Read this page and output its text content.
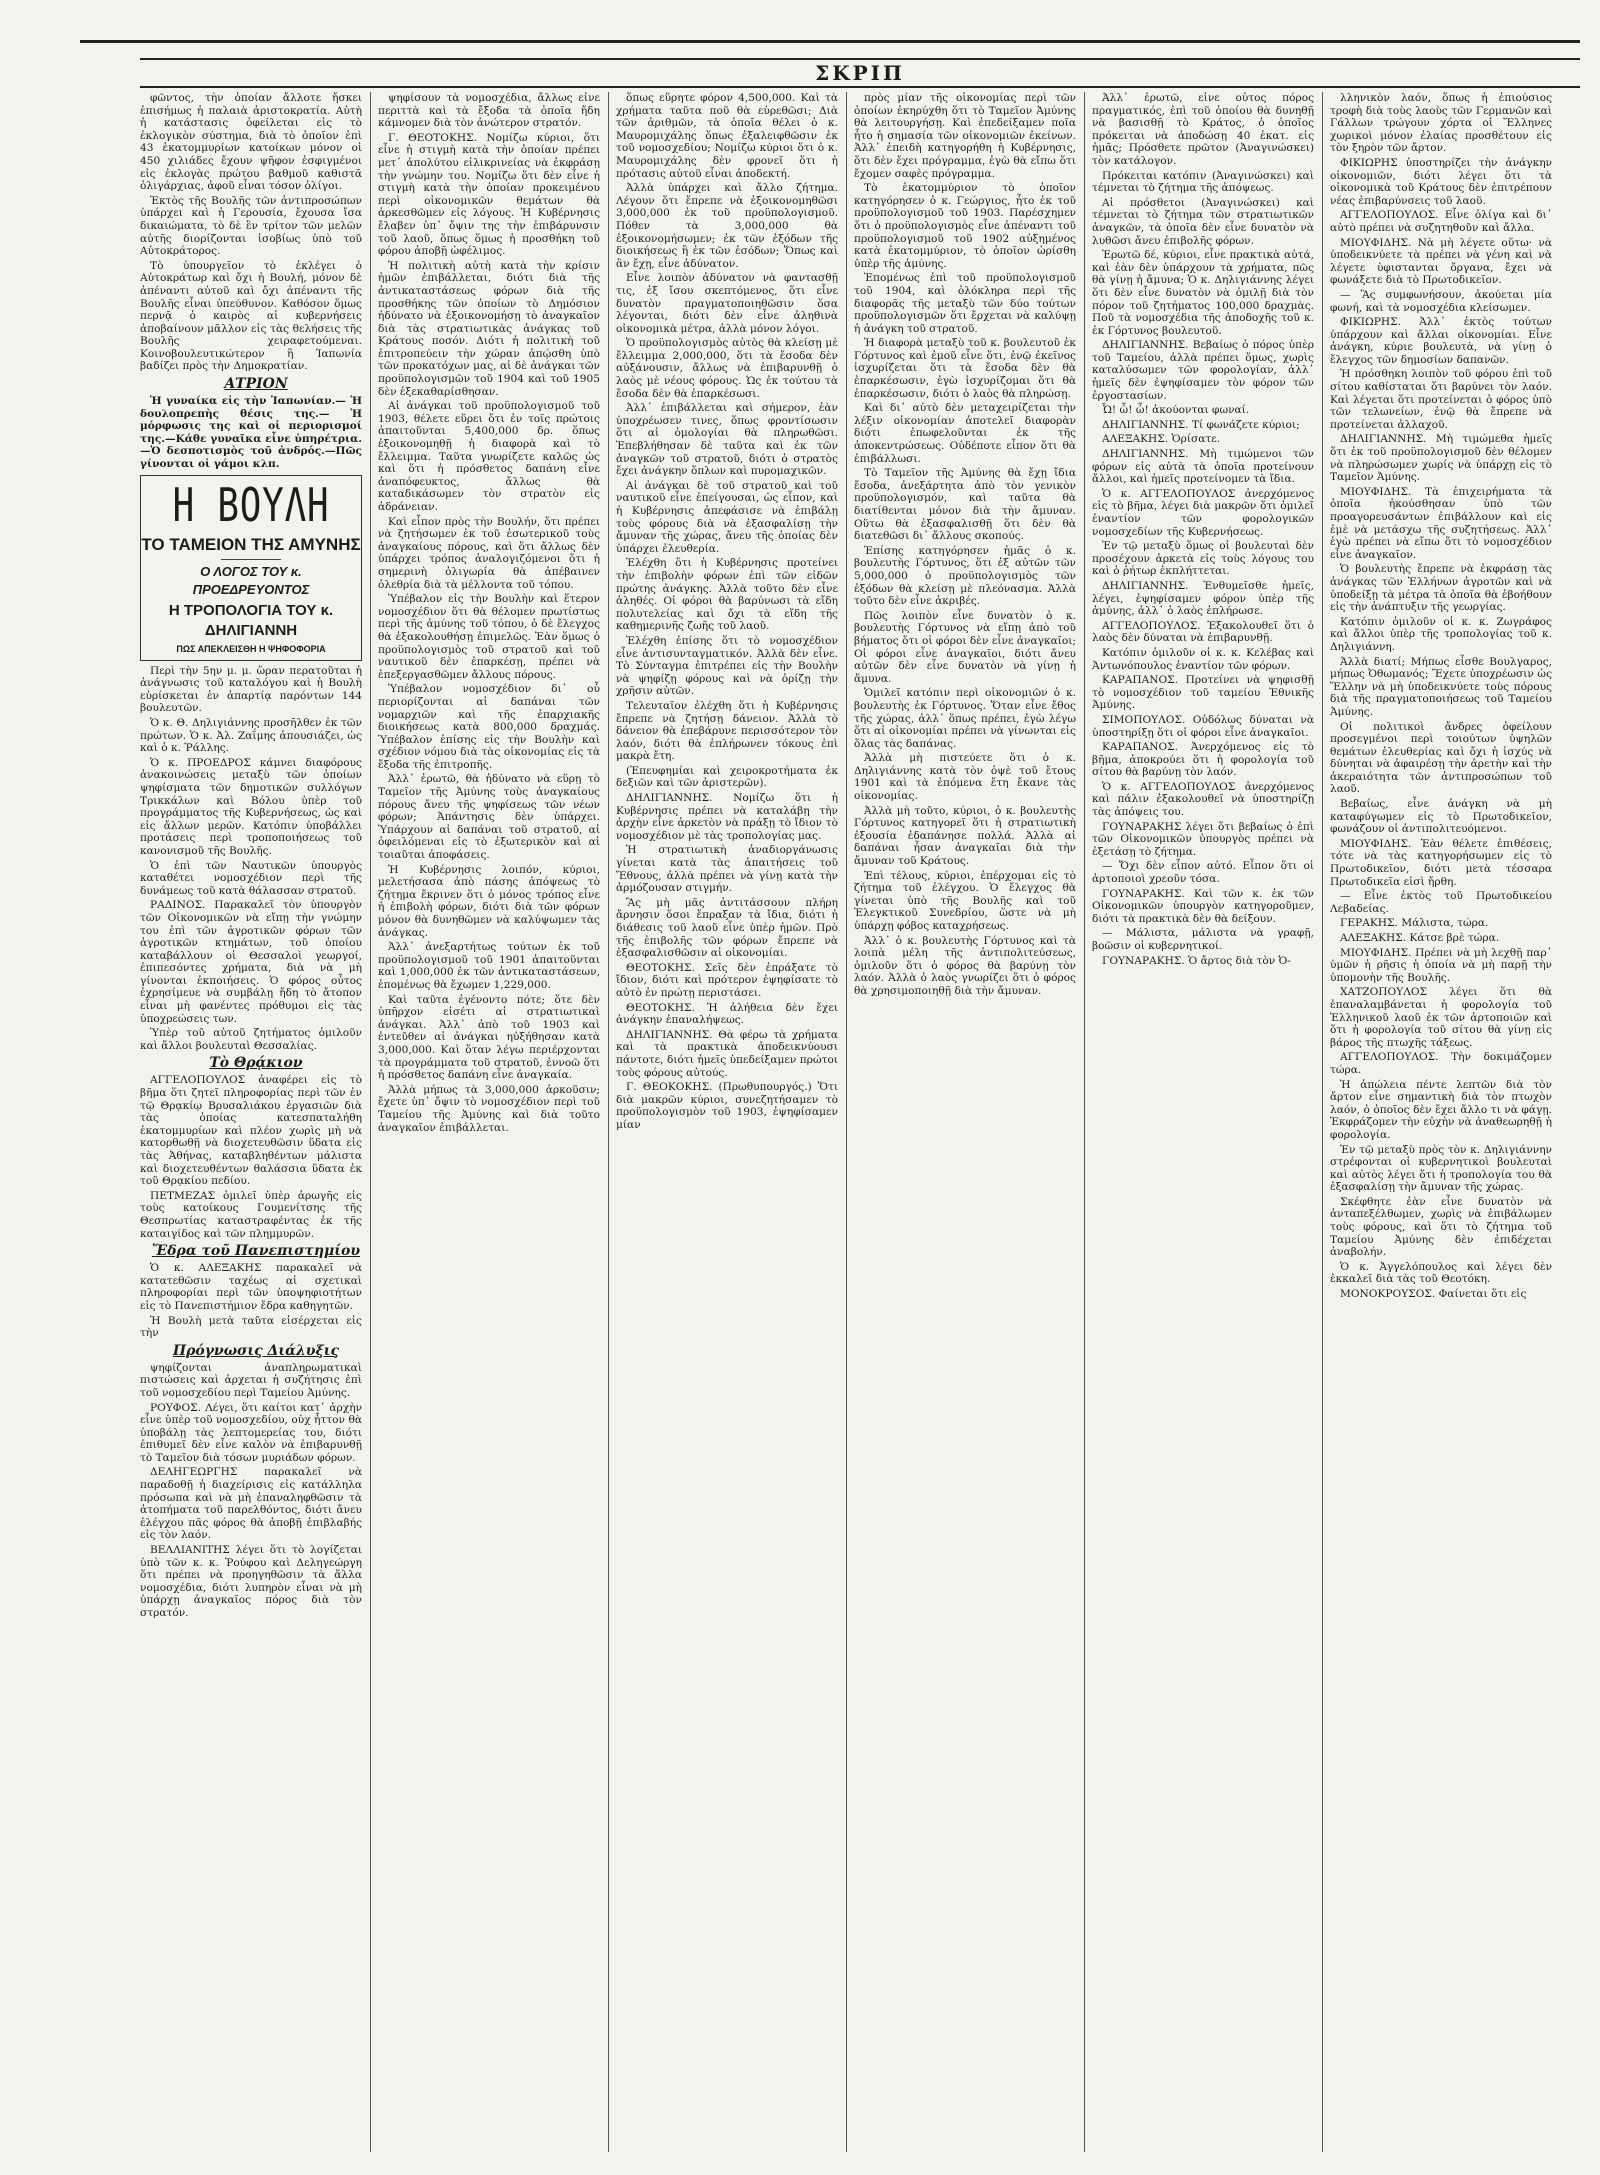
ΣΚΡΙΠ

φῶντος, τὴν ὁποίαν ἄλλοτε ἤσκει ἐπισήμως ἡ παλαιὰ ἀριστοκρατία. Αὐτὴ ἡ κατάστασις ὀφείλεται εἰς τὸ ἐκλογικὸν σύστημα, διὰ τὸ ὁποῖον ἐπὶ 43 ἑκατομμυρίων κατοίκων μόνον οἱ 450 χιλιάδες ἔχουν ψῆφον ἐσφιγμένοι εἰς ἐκλογὰς πρώτου βαθμοῦ καθιστᾶ ὁλιγάρχιας, ἀφοῦ εἶναι τόσον ὀλίγοι.

Ἐκτὸς τῆς Βουλῆς τῶν ἀντιπροσώπων ὑπάρχει καὶ ἡ Γερουσία, ἔχουσα ἴσα δικαιώματα, τὸ δὲ ἓν τρίτον τῶν μελῶν αὐτῆς διορίζονται ἰσοβίως ὑπὸ τοῦ Αὐτοκράτορος.

Τὸ ὑπουργεῖον τὸ ἐκλέγει ὁ Αὐτοκράτωρ καὶ ὄχι ἡ Βουλή, μόνον δὲ ἀπέναντι αὐτοῦ καὶ ὄχι ἀπέναντι τῆς Βουλῆς εἶναι ὑπεύθυνον. Καθόσον ὅμως περνᾷ ὁ καιρὸς αἱ κυβερνήσεις ἀποβαίνουν μᾶλλον εἰς τὰς θελήσεις τῆς Βουλῆς χειραφετούμεναι. Κοινοβουλευτικώτερον ἢ Ἰαπωνία βαδίζει πρὸς τὴν Δημοκρατίαν.

ΑΤΡΙΟΝ

Ἡ γυναίκα εἰς τὴν Ἰαπωνίαν.— Ἡ δουλοπρεπὴς θέσις της.— Ἡ μόρφωσις της καὶ οἱ περιορισμοί της.—Κάθε γυναῖκα εἶνε ὑπηρέτρια.—Ὁ δεσποτισμὸς τοῦ ἀνδρός.—Πῶς γίνονται οἱ γάμοι κλπ.

Η ΒΟΥΛΗ

ΤΟ ΤΑΜΕΙΟΝ ΤΗΣ ΑΜΥΝΗΣ

Ο ΛΟΓΟΣ ΤΟΥ κ. ΠΡΟΕΔΡΕΥΟΝΤΟΣ

Η ΤΡΟΠΟΛΟΓΙΑ ΤΟΥ κ. ΔΗΛΙΓΙΑΝΝΗ

ΠΩΣ ΑΠΕΚΛΕΙΣΘΗ Η ΨΗΦΟΦΟΡΙΑ

Περὶ τὴν 5ην μ. μ. ὥραν περατοῦται ἡ ἀνάγνωσις τοῦ καταλόγου καὶ ἡ Βουλὴ εὑρίσκεται ἐν ἀπαρτίᾳ παρόντων 144 βουλευτῶν.

Ὁ κ. Θ. Δηλιγιάννης προσῆλθεν ἐκ τῶν πρώτων. Ὁ κ. Ἀλ. Ζαΐμης ἀπουσιάζει, ὡς καὶ ὁ κ. Ῥάλλης.

Ὁ κ. ΠΡΟΕΔΡΟΣ κάμνει διαφόρους ἀνακοινώσεις μεταξὺ τῶν ὁποίων ψηφίσματα τῶν δημοτικῶν συλλόγων Τρικκάλων καὶ Βόλου ὑπὲρ τοῦ προγράμματος τῆς Κυβερνήσεως, ὡς καὶ εἰς ἄλλων μερῶν. Κατόπιν ὑποβάλλει προτάσεις περὶ τροποποιήσεως τοῦ κανονισμοῦ τῆς Βουλῆς.

Ὁ ἐπὶ τῶν Ναυτικῶν ὑπουργὸς καταθέτει νομοσχέδιον περὶ τῆς δυνάμεως τοῦ κατὰ θάλασσαν στρατοῦ.

ΡΑΔΙΝΟΣ. Παρακαλεῖ τὸν ὑπουργὸν τῶν Οἰκονομικῶν νὰ εἴπῃ τὴν γνώμην του ἐπὶ τῶν ἀγροτικῶν φόρων τῶν ἀγροτικῶν κτημάτων, τοῦ ὁποίου καταβάλλουν οἱ Θεσσαλοὶ γεωργοί, ἐπιπεσόντες χρήματα, διὰ νὰ μὴ γίνονται ἐκποιήσεις. Ὁ φόρος οὗτος ἐχρησίμευε νὰ συμβάλῃ ἤδη τὸ ἄτοπον εἶναι μὴ φανέντες πρόθυμοι εἰς τὰς ὑποχρεώσεις των.

Ὑπὲρ τοῦ αὐτοῦ ζητήματος ὁμιλοῦν καὶ ἄλλοι βουλευταὶ Θεσσαλίας.

Τὸ Θρᾴκιον

ΑΓΓΕΛΟΠΟΥΛΟΣ ἀναφέρει εἰς τὸ βῆμα ὅτι ζητεῖ πληροφορίας περὶ τῶν ἐν τῷ Θρᾳκίῳ Βρυσαλιάκου ἐργασιῶν διὰ τὰς ὁποίας κατεσπαταλήθη ἑκατομμυρίων καὶ πλέον χωρὶς μὴ νὰ κατορθωθῇ νὰ διοχετευθῶσιν ὕδατα εἰς τὰς Ἀθήνας, καταβληθέντων μάλιστα καὶ διοχετευθέντων θαλάσσια ὕδατα ἐκ τοῦ Θρᾳκίου πεδίου.

ΠΕΤΜΕΖΑΣ ὁμιλεῖ ὑπὲρ ἀρωγῆς εἰς τοὺς κατοίκους Γουμενίτσης τῆς Θεσπρωτίας καταστραφέντας ἐκ τῆς καταιγίδος καὶ τῶν πλημμυρῶν.

Ἔδρα τοῦ Πανεπιστημίου

Ὁ κ. ΑΛΕΞΑΚΗΣ παρακαλεῖ νὰ κατατεθῶσιν ταχέως αἱ σχετικαὶ πληροφορίαι περὶ τῶν ὑποψηφιοτήτων εἰς τὸ Πανεπιστήμιον ἔδρα καθηγητῶν.

Ἡ Βουλὴ μετὰ ταῦτα εἰσέρχεται εἰς τὴν

Πρόγνωσις Διάλυξις

ψηφίζονται ἀναπληρωματικαὶ πιστώσεις καὶ ἀρχεται ἡ συζήτησις ἐπὶ τοῦ νομοσχεδίου περὶ Ταμείου Ἀμύνης.

ΡΟΥΦΟΣ. Λέγει, ὅτι καίτοι κατ᾽ ἀρχὴν εἶνε ὑπὲρ τοῦ νομοσχεδίου, οὐχ ἧττον θὰ ὑποβάλῃ τὰς λεπτομερείας του, διότι ἐπιθυμεῖ δὲν εἶνε καλὸν νὰ ἐπιβαρυνθῇ τὸ Ταμεῖον διὰ τόσων μυριάδων φόρων.

ΔΕΛΗΓΕΩΡΓΗΣ παρακαλεῖ νὰ παραδοθῇ ἡ διαχείρισις εἰς κατάλληλα πρόσωπα καὶ νὰ μὴ ἐπαναληφθῶσιν τὰ ἀτοπήματα τοῦ παρελθόντος, διότι ἄνευ ἐλέγχου πᾶς φόρος θὰ ἀποβῇ ἐπιβλαβής εἰς τὸν λαόν.

ΒΕΛΛΙΑΝΙΤΗΣ λέγει ὅτι τὸ λογίζεται ὑπὸ τῶν κ. κ. Ῥούφου καὶ Δεληγεώργη ὅτι πρέπει νὰ προηγηθῶσιν τὰ ἄλλα νομοσχέδια, διότι λυπηρὸν εἶναι νὰ μὴ ὑπάρχῃ ἀναγκαῖος πόρος διὰ τὸν στρατόν.

ψηφίσουν τὰ νομοσχέδια, ἄλλως εἶνε περιττὰ καὶ τὰ ἔξοδα τὰ ὁποῖα ἤδη κάμνομεν διὰ τὸν ἀνώτερον στρατόν.

Γ. ΘΕΟΤΟΚΗΣ. Νομίζω κύριοι, ὅτι εἶνε ἡ στιγμὴ κατὰ τὴν ὁποίαν πρέπει μετ᾽ ἀπολύτου εἰλικρινείας νὰ ἐκφράσῃ τὴν γνώμην του. Νομίζω ὅτι δὲν εἶνε ἡ στιγμὴ κατὰ τὴν ὁποίαν προκειμένου περὶ οἰκονομικῶν θεμάτων θὰ ἀρκεσθῶμεν εἰς λόγους. Ἡ Κυβέρνησις ἔλαβεν ὑπ᾽ ὄψιν της τὴν ἐπιβάρυνσιν τοῦ λαοῦ, ὅπως ὅμως ἡ προσθήκη τοῦ φόρου ἀποβῇ ὠφέλιμος.

Ἡ πολιτικὴ αὐτὴ κατὰ τὴν κρίσιν ἡμῶν ἐπιβάλλεται, διότι διὰ τῆς ἀντικαταστάσεως φόρων διὰ τῆς προσθήκης τῶν ὁποίων τὸ Δημόσιον ἠδύνατο νὰ ἐξοικονομήσῃ τὸ ἀναγκαῖον διὰ τὰς στρατιωτικὰς ἀνάγκας τοῦ Κράτους ποσόν. Διότι ἡ πολιτικὴ τοῦ ἐπιτροπεύειν τὴν χώραν ἀπῴσθη ὑπὸ τῶν προκατόχων μας, αἱ δὲ ἀνάγκαι τῶν προϋπολογισμῶν τοῦ 1904 καὶ τοῦ 1905 δὲν ἐξεκαθαρίσθησαν.

Αἱ ἀνάγκαι τοῦ προϋπολογισμοῦ τοῦ 1903, θέλετε εὕρει ὅτι ἐν τοῖς πρώτοις ἀπαιτοῦνται 5,400,000 δρ. ὅπως ἐξοικονομηθῇ ἡ διαφορὰ καὶ τὸ ἔλλειμμα. Ταῦτα γνωρίζετε καλῶς ὡς καὶ ὅτι ἡ πρόσθετος δαπάνη εἶνε ἀναπόφευκτος, ἄλλως θὰ καταδικάσωμεν τὸν στρατὸν εἰς ἀδράνειαν.

Καὶ εἶπον πρὸς τὴν Βουλήν, ὅτι πρέπει νὰ ζητήσωμεν ἐκ τοῦ ἐσωτερικοῦ τοὺς ἀναγκαίους πόρους, καὶ ὅτι ἄλλως δὲν ὑπάρχει τρόπος ἀναλογιζόμενοι ὅτι ἡ σημερινὴ ὀλιγωρία θὰ ἀπέβαινεν ὀλεθρία διὰ τὰ μέλλοντα τοῦ τόπου.

Ὑπέβαλον εἰς τὴν Βουλὴν καὶ ἕτερον νομοσχέδιον ὅτι θὰ θέλομεν πρωτίστως περὶ τῆς ἀμύνης τοῦ τόπου, ὁ δὲ ἔλεγχος θὰ ἐξακολουθήσῃ ἐπιμελῶς. Ἐὰν ὅμως ὁ προϋπολογισμὸς τοῦ στρατοῦ καὶ τοῦ ναυτικοῦ δὲν ἐπαρκέσῃ, πρέπει νὰ ἐπεξεργασθῶμεν ἄλλους πόρους.

Ὑπέβαλον νομοσχέδιον δι᾽ οὗ περιορίζονται αἱ δαπάναι τῶν νομαρχιῶν καὶ τῆς ἐπαρχιακῆς διοικήσεως κατὰ 800,000 δραχμάς. Ὑπέβαλον ἐπίσης εἰς τὴν Βουλὴν καὶ σχέδιον νόμου διὰ τὰς οἰκονομίας εἰς τὰ ἔξοδα τῆς ἐπιτροπῆς.

Ἀλλ᾽ ἐρωτῶ, θὰ ἠδύνατο νὰ εὕρῃ τὸ Ταμεῖον τῆς Ἀμύνης τοὺς ἀναγκαίους πόρους ἄνευ τῆς ψηφίσεως τῶν νέων φόρων; Ἀπάντησις δὲν ὑπάρχει. Ὑπάρχουν αἱ δαπάναι τοῦ στρατοῦ, αἱ ὀφειλόμεναι εἰς τὸ ἐξωτερικὸν καὶ αἱ τοιαῦται ἀποφάσεις.

Ἡ Κυβέρνησις λοιπόν, κύριοι, μελετήσασα ἀπὸ πάσης ἀπόψεως τὸ ζήτημα ἔκρινεν ὅτι ὁ μόνος τρόπος εἶνε ἡ ἐπιβολὴ φόρων, διότι διὰ τῶν φόρων μόνον θὰ δυνηθῶμεν νὰ καλύψωμεν τὰς ἀνάγκας.

Ἀλλ᾽ ἀνεξαρτήτως τούτων ἐκ τοῦ προϋπολογισμοῦ τοῦ 1901 ἀπαιτοῦνται καὶ 1,000,000 ἐκ τῶν ἀντικαταστάσεων, ἑπομένως θὰ ἔχωμεν 1,229,000.

Καὶ ταῦτα ἐγένοντο πότε; ὅτε δὲν ὑπῆρχον εἰσέτι αἱ στρατιωτικαὶ ἀνάγκαι. Ἀλλ᾽ ἀπὸ τοῦ 1903 καὶ ἐντεῦθεν αἱ ἀνάγκαι ηὐξήθησαν κατὰ 3,000,000. Καὶ ὅταν λέγω περιέρχονται τὰ προγράμματα τοῦ στρατοῦ, ἐννοῶ ὅτι ἡ πρόσθετος δαπάνη εἶνε ἀναγκαία.

Ἀλλὰ μήπως τὰ 3,000,000 ἀρκοῦσιν; ἔχετε ὑπ᾽ ὄψιν τὸ νομοσχέδιον περὶ τοῦ Ταμείου τῆς Ἀμύνης καὶ διὰ τοῦτο ἀναγκαῖον ἐπιβάλλεται.

ὅπως εὕρητε φόρον 4,500,000. Καὶ τὰ χρήματα ταῦτα ποῦ θὰ εὑρεθῶσι; Διὰ τῶν ἀριθμῶν, τὰ ὁποῖα θέλει ὁ κ. Μαυρομιχάλης ὅπως ἐξαλειφθῶσιν ἐκ τοῦ νομοσχεδίου; Νομίζω κύριοι ὅτι ὁ κ. Μαυρομιχάλης δὲν φρονεῖ ὅτι ἡ πρότασις αὐτοῦ εἶναι ἀποδεκτή.

Ἀλλὰ ὑπάρχει καὶ ἄλλο ζήτημα. Λέγουν ὅτι ἔπρεπε νὰ ἐξοικονομηθῶσι 3,000,000 ἐκ τοῦ προϋπολογισμοῦ. Πόθεν τὰ 3,000,000 θὰ ἐξοικονομήσωμεν; ἐκ τῶν ἐξόδων τῆς διοικήσεως ἢ ἐκ τῶν ἐσόδων; Ὅπως καὶ ἂν ἔχῃ, εἶνε ἀδύνατον.

Εἶνε λοιπὸν ἀδύνατον νὰ φαντασθῇ τις, ἐξ ἴσου σκεπτόμενος, ὅτι εἶνε δυνατὸν πραγματοποιηθῶσιν ὅσα λέγονται, διότι δὲν εἶνε ἀληθινὰ οἰκονομικὰ μέτρα, ἀλλὰ μόνον λόγοι.

Ὁ προϋπολογισμὸς αὐτὸς θὰ κλείσῃ μὲ ἔλλειμμα 2,000,000, ὅτι τὰ ἔσοδα δὲν αὐξάνουσιν, ἄλλως νὰ ἐπιβαρυνθῇ ὁ λαὸς μὲ νέους φόρους. Ὡς ἐκ τούτου τὰ ἔσοδα δὲν θὰ ἐπαρκέσωσι.

Ἀλλ᾽ ἐπιβάλλεται καὶ σήμερον, ἐὰν ὑποχρέωσεν τινες, ὅπως φροντίσωσιν ὅτι αἱ ὁμολογίαι θὰ πληρωθῶσι. Ἐπεβλήθησαν δὲ ταῦτα καὶ ἐκ τῶν ἀναγκῶν τοῦ στρατοῦ, διότι ὁ στρατὸς ἔχει ἀνάγκην ὅπλων καὶ πυρομαχικῶν.

Αἱ ἀνάγκαι δὲ τοῦ στρατοῦ καὶ τοῦ ναυτικοῦ εἶνε ἐπείγουσαι, ὡς εἶπον, καὶ ἡ Κυβέρνησις ἀπεφάσισε νὰ ἐπιβάλῃ τοὺς φόρους διὰ νὰ ἐξασφαλίσῃ τὴν ἄμυναν τῆς χώρας, ἄνευ τῆς ὁποίας δὲν ὑπάρχει ἐλευθερία.

Ἐλέχθη ὅτι ἡ Κυβέρνησις προτείνει τὴν ἐπιβολὴν φόρων ἐπὶ τῶν εἰδῶν πρώτης ἀνάγκης. Ἀλλὰ τοῦτο δὲν εἶνε ἀληθές. Οἱ φόροι θὰ βαρύνωσι τὰ εἴδη πολυτελείας καὶ ὄχι τὰ εἴδη τῆς καθημερινῆς ζωῆς τοῦ λαοῦ.

Ἐλέχθη ἐπίσης ὅτι τὸ νομοσχέδιον εἶνε ἀντισυνταγματικόν. Ἀλλὰ δὲν εἶνε. Τὸ Σύνταγμα ἐπιτρέπει εἰς τὴν Βουλὴν νὰ ψηφίζῃ φόρους καὶ νὰ ὁρίζῃ τὴν χρῆσιν αὐτῶν.

Τελευταῖον ἐλέχθη ὅτι ἡ Κυβέρνησις ἔπρεπε νὰ ζητήσῃ δάνειον. Ἀλλὰ τὸ δάνειον θὰ ἐπεβάρυνε περισσότερον τὸν λαόν, διότι θὰ ἐπλήρωνεν τόκους ἐπὶ μακρὰ ἔτη.

(Ἐπευφημίαι καὶ χειροκροτήματα ἐκ δεξιῶν καὶ τῶν ἀριστερῶν).

ΔΗΛΙΓΙΑΝΝΗΣ. Νομίζω ὅτι ἡ Κυβέρνησις πρέπει νὰ καταλάβῃ τὴν ἀρχὴν εἶνε ἀρκετὸν νὰ πράξῃ τὸ ἴδιον τὸ νομοσχέδιον μὲ τὰς τροπολογίας μας.

Ἡ στρατιωτικὴ ἀναδιοργάνωσις γίνεται κατὰ τὰς ἀπαιτήσεις τοῦ Ἔθνους, ἀλλὰ πρέπει νὰ γίνῃ κατὰ τὴν ἀρμόζουσαν στιγμήν.

Ἂς μὴ μᾶς ἀντιτάσσουν πλήρη ἄρνησιν ὅσοι ἔπραξαν τὰ ἴδια, διότι ἡ διάθεσις τοῦ λαοῦ εἶνε ὑπὲρ ἡμῶν. Πρὸ τῆς ἐπιβολῆς τῶν φόρων ἔπρεπε νὰ ἐξασφαλισθῶσιν αἱ οἰκονομίαι.

ΘΕΟΤΟΚΗΣ. Σεῖς δὲν ἐπράξατε τὸ ἴδιον, διότι καὶ πρότερον ἐψηφίσατε τὸ αὐτὸ ἐν πρώτῃ περιστάσει.

ΘΕΟΤΟΚΗΣ. Ἡ ἀλήθεια δὲν ἔχει ἀνάγκην ἐπαναλήψεως.

ΔΗΛΙΓΙΑΝΝΗΣ. Θὰ φέρω τὰ χρήματα καὶ τὰ πρακτικὰ ἀποδεικνύουσι πάντοτε, διότι ἠμεῖς ὑπεδείξαμεν πρώτοι τοὺς φόρους αὐτούς.

Γ. ΘΕΟΚΟΚΗΣ. (Πρωθυπουργός.) Ὅτι διὰ μακρῶν κύριοι, συνεζητήσαμεν τὸ προϋπολογισμὸν τοῦ 1903, ἐψηφίσαμεν μίαν

πρὸς μίαν τῆς οἰκονομίας περὶ τῶν ὁποίων ἐκηρύχθη ὅτι τὸ Ταμεῖον Ἀμύνης θὰ λειτουργήσῃ. Καὶ ἐπεδείξαμεν ποῖα ἦτο ἡ σημασία τῶν οἰκονομιῶν ἐκείνων. Ἀλλ᾽ ἐπειδὴ κατηγορήθη ἡ Κυβέρνησις, ὅτι δὲν ἔχει πρόγραμμα, ἐγὼ θὰ εἴπω ὅτι ἔχομεν σαφὲς πρόγραμμα.

Τὸ ἑκατομμύριον τὸ ὁποῖον κατηγόρησεν ὁ κ. Γεώργιος, ἦτο ἐκ τοῦ προϋπολογισμοῦ τοῦ 1903. Παρέσχημεν ὅτι ὁ προϋπολογισμὸς εἶνε ἀπέναντι τοῦ προϋπολογισμοῦ τοῦ 1902 αὐξημένος κατὰ ἑκατομμύριον, τὸ ὁποῖον ὡρίσθη ὑπὲρ τῆς ἀμύνης.

Ἐπομένως ἐπὶ τοῦ προϋπολογισμοῦ τοῦ 1904, καὶ ὁλόκληρα περὶ τῆς διαφορᾶς τῆς μεταξὺ τῶν δύο τούτων προϋπολογισμῶν ὅτι ἔρχεται νὰ καλύψῃ ἡ ἀνάγκη τοῦ στρατοῦ.

Ἡ διαφορὰ μεταξὺ τοῦ κ. βουλευτοῦ ἐκ Γόρτυνος καὶ ἐμοῦ εἶνε ὅτι, ἐνῷ ἐκεῖνος ἰσχυρίζεται ὅτι τὰ ἔσοδα δὲν θὰ ἐπαρκέσωσιν, ἐγὼ ἰσχυρίζομαι ὅτι θὰ ἐπαρκέσωσιν, διότι ὁ λαὸς θὰ πληρώσῃ.

Καὶ δι᾽ αὐτὸ δὲν μεταχειρίζεται τὴν λέξιν οἰκονομίαν ἀποτελεῖ διαφορὰν διότι ἐπωφελοῦνται ἐκ τῆς ἀποκεντρώσεως. Οὐδέποτε εἶπον ὅτι θὰ ἐπιβάλλωσι.

Τὸ Ταμεῖον τῆς Ἀμύνης θὰ ἔχῃ ἴδια ἔσοδα, ἀνεξάρτητα ἀπὸ τὸν γενικὸν προϋπολογισμόν, καὶ ταῦτα θὰ διατίθενται μόνον διὰ τὴν ἄμυναν. Οὕτω θὰ ἐξασφαλισθῇ ὅτι δὲν θὰ διατεθῶσι δι᾽ ἄλλους σκοπούς.

Ἐπίσης κατηγόρησεν ἡμᾶς ὁ κ. βουλευτὴς Γόρτυνος, ὅτι ἐξ αὐτῶν τῶν 5,000,000 ὁ προϋπολογισμὸς τῶν ἐξόδων θὰ κλείσῃ μὲ πλεόνασμα. Ἀλλὰ τοῦτο δὲν εἶνε ἀκριβές.

Πῶς λοιπὸν εἶνε δυνατὸν ὁ κ. βουλευτὴς Γόρτυνος νὰ εἴπῃ ἀπὸ τοῦ βήματος ὅτι οἱ φόροι δὲν εἶνε ἀναγκαῖοι; Οἱ φόροι εἶνε ἀναγκαῖοι, διότι ἄνευ αὐτῶν δὲν εἶνε δυνατὸν νὰ γίνῃ ἡ ἄμυνα.

Ὁμιλεῖ κατόπιν περὶ οἰκονομιῶν ὁ κ. βουλευτὴς ἐκ Γόρτυνος. Ὅταν εἶνε ἔθος τῆς χώρας, ἀλλ᾽ ὅπως πρέπει, ἐγὼ λέγω ὅτι αἱ οἰκονομίαι πρέπει νὰ γίνωνται εἰς ὅλας τὰς δαπάνας.

Ἀλλὰ μὴ πιστεύετε ὅτι ὁ κ. Δηλιγιάννης κατὰ τὸν ὀψὲ τοῦ ἔτους 1901 καὶ τὰ ἑπόμενα ἔτη ἔκανε τὰς οἰκονομίας.

Ἀλλὰ μὴ τοῦτο, κύριοι, ὁ κ. βουλευτὴς Γόρτυνος κατηγορεῖ ὅτι ἡ στρατιωτικὴ ἐξουσία ἐδαπάνησε πολλά. Ἀλλὰ αἱ δαπάναι ἦσαν ἀναγκαῖαι διὰ τὴν ἄμυναν τοῦ Κράτους.

Ἐπὶ τέλους, κύριοι, ἐπέρχομαι εἰς τὸ ζήτημα τοῦ ἐλέγχου. Ὁ ἔλεγχος θὰ γίνεται ὑπὸ τῆς Βουλῆς καὶ τοῦ Ἐλεγκτικοῦ Συνεδρίου, ὥστε νὰ μὴ ὑπάρχῃ φόβος καταχρήσεως.

Ἀλλ᾽ ὁ κ. βουλευτὴς Γόρτυνος καὶ τὰ λοιπὰ μέλη τῆς ἀντιπολιτεύσεως, ὁμιλοῦν ὅτι ὁ φόρος θὰ βαρύνῃ τὸν λαόν. Ἀλλὰ ὁ λαὸς γνωρίζει ὅτι ὁ φόρος θὰ χρησιμοποιηθῇ διὰ τὴν ἄμυναν.

Ἀλλ᾽ ἐρωτῶ, εἶνε οὗτος πόρος πραγματικός, ἐπὶ τοῦ ὁποίου θὰ δυνηθῇ νὰ βασισθῇ τὸ Κράτος, ὁ ὁποῖος πρόκειται νὰ ἀποδώσῃ 40 ἑκατ. εἰς ἡμᾶς; Πρόσθετε πρῶτον (Ἀναγινώσκει) τὸν κατάλογον.

Πρόκειται κατόπιν (Ἀναγινώσκει) καὶ τέμνεται τὸ ζήτημα τῆς ἀπόψεως.

Αἱ πρόσθετοι (Ἀναγινώσκει) καὶ τέμνεται τὸ ζήτημα τῶν στρατιωτικῶν ἀναγκῶν, τὰ ὁποῖα δὲν εἶνε δυνατὸν νὰ λυθῶσι ἄνευ ἐπιβολῆς φόρων.

Ἐρωτῶ δέ, κύριοι, εἶνε πρακτικὰ αὐτά, καὶ ἐὰν δὲν ὑπάρχουν τὰ χρήματα, πῶς θὰ γίνῃ ἡ ἄμυνα; Ὁ κ. Δηλιγιάννης λέγει ὅτι δὲν εἶνε δυνατὸν νὰ ὁμιλῇ διὰ τὸν πόρον τοῦ ζητήματος 100,000 δραχμὰς. Ποῦ τὰ νομοσχέδια τῆς ἀποδοχῆς τοῦ κ. ἐκ Γόρτυνος βουλευτοῦ.

ΔΗΛΙΓΙΑΝΝΗΣ. Βεβαίως ὁ πόρος ὑπὲρ τοῦ Ταμείου, ἀλλὰ πρέπει ὅμως, χωρὶς καταλύσωμεν τῶν φορολογίαν, ἀλλ᾽ ἡμεῖς δὲν ἐψηφίσαμεν τὸν φόρον τῶν ἐργοστασίων.

Ὦ! ὦ! ὦ! ἀκούονται φωναί.

ΔΗΛΙΓΙΑΝΝΗΣ. Τί φωνάζετε κύριοι;

ΑΛΕΞΑΚΗΣ. Ὁρίσατε.

ΔΗΛΙΓΙΑΝΝΗΣ. Μὴ τιμώμενοι τῶν φόρων εἰς αὐτὰ τὰ ὁποῖα προτείνουν ἄλλοι, καὶ ἡμεῖς προτείνομεν τὰ ἴδια.

Ὁ κ. ΑΓΓΕΛΟΠΟΥΛΟΣ ἀνερχόμενος εἰς τὸ βῆμα, λέγει διὰ μακρῶν ὅτι ὁμιλεῖ ἐναντίον τῶν φορολογικῶν νομοσχεδίων τῆς Κυβερνήσεως.

Ἐν τῷ μεταξὺ ὅμως οἱ βουλευταὶ δὲν προσέχουν ἀρκετὰ εἰς τοὺς λόγους του καὶ ὁ ῥήτωρ ἐκπλήττεται.

ΔΗΛΙΓΙΑΝΝΗΣ. Ἐνθυμεῖσθε ἡμεῖς, λέγει, ἐψηφίσαμεν φόρον ὑπὲρ τῆς ἀμύνης, ἀλλ᾽ ὁ λαὸς ἐπλήρωσε.

ΑΓΓΕΛΟΠΟΥΛΟΣ. Ἐξακολουθεῖ ὅτι ὁ λαὸς δὲν δύναται νὰ ἐπιβαρυνθῇ.

Κατόπιν ὁμιλοῦν οἱ κ. κ. Κελέβας καὶ Ἀντωνόπουλος ἐναντίον τῶν φόρων.

ΚΑΡΑΠΑΝΟΣ. Προτείνει νὰ ψηφισθῇ τὸ νομοσχέδιον τοῦ ταμείου Ἐθνικῆς Ἀμύνης.

ΣΙΜΟΠΟΥΛΟΣ. Οὐδόλως δύναται νὰ ὑποστηρίξῃ ὅτι οἱ φόροι εἶνε ἀναγκαῖοι.

ΚΑΡΑΠΑΝΟΣ. Ἀνερχόμενος εἰς τὸ βῆμα, ἀποκρούει ὅτι ἡ φορολογία τοῦ σίτου θὰ βαρύνῃ τὸν λαόν.

Ὁ κ. ΑΓΓΕΛΟΠΟΥΛΟΣ ἀνερχόμενος καὶ πάλιν ἐξακολουθεῖ νὰ ὑποστηρίζῃ τὰς ἀπόψεις του.

ΓΟΥΝΑΡΑΚΗΣ λέγει ὅτι βεβαίως ὁ ἐπὶ τῶν Οἰκονομικῶν ὑπουργὸς πρέπει νὰ ἐξετάσῃ τὸ ζήτημα.

— Ὄχι δὲν εἶπον αὐτό. Εἶπον ὅτι οἱ ἀρτοποιοὶ χρεοῦν τόσα.

ΓΟΥΝΑΡΑΚΗΣ. Καὶ τῶν κ. ἐκ τῶν Οἰκονομικῶν ὑπουργὸν κατηγοροῦμεν, διότι τὰ πρακτικὰ δὲν θὰ δείξουν.

— Μάλιστα, μάλιστα νὰ γραφῇ, βοῶσιν οἱ κυβερνητικοί.

ΓΟΥΝΑΡΑΚΗΣ. Ὁ ἄρτος διὰ τὸν Ὀ-

λληνικὸν λαόν, ὅπως ἡ ἐπιούσιος τροφὴ διὰ τοὺς λαοὺς τῶν Γερμανῶν καὶ Γάλλων τρώγουν χόρτα οἱ Ἕλληνες χωρικοὶ μόνον ἐλαίας προσθέτουν εἰς τὸν ξηρὸν τῶν ἄρτον.

ΦΙΚΙΩΡΗΣ ὑποστηρίζει τὴν ἀνάγκην οἰκονομιῶν, διότι λέγει ὅτι τὰ οἰκονομικὰ τοῦ Κράτους δὲν ἐπιτρέπουν νέας ἐπιβαρύνσεις τοῦ λαοῦ.

ΑΓΓΕΛΟΠΟΥΛΟΣ. Εἶνε ὀλίγα καὶ δι᾽ αὐτὸ πρέπει νὰ συζητηθοῦν καὶ ἄλλα.

ΜΙΟΥΦΙΔΗΣ. Νὰ μὴ λέγετε οὕτω· νὰ ὑποδεικνύετε τὰ πρέπει νὰ γένη καὶ νὰ λέγετε ὑφιστανται ὄργανα, ἔχει νὰ φωνάξετε διὰ τὸ Πρωτοδικεῖον.

— Ἂς συμφωνήσουν, ἀκούεται μία φωνή, καὶ τὰ νομοσχέδια κλείσωμεν.

ΦΙΚΙΩΡΗΣ. Ἀλλ᾽ ἐκτὸς τούτων ὑπάρχουν καὶ ἄλλαι οἰκονομίαι. Εἶνε ἀνάγκη, κύριε βουλευτὰ, νὰ γίνῃ ὁ ἔλεγχος τῶν δημοσίων δαπανῶν.

Ἡ πρόσθηκη λοιπὸν τοῦ φόρου ἐπὶ τοῦ σίτου καθίσταται ὅτι βαρύνει τὸν λαόν. Καὶ λέγεται ὅτι προτείνεται ὁ φόρος ὑπὸ τῶν τελωνείων, ἐνῷ θὰ ἔπρεπε νὰ προτείνεται ἀλλαχοῦ.

ΔΗΛΙΓΙΑΝΝΗΣ. Μὴ τιμώμεθα ἡμεῖς ὅτι ἐκ τοῦ προϋπολογισμοῦ δὲν θέλομεν νὰ πληρώσωμεν χωρίς νὰ ὑπάρχῃ εἰς τὸ Ταμεῖον Ἀμύνης.

ΜΙΟΥΦΙΔΗΣ. Τὰ ἐπιχειρήματα τὰ ὁποῖα ἠκούσθησαν ὑπὸ τῶν προαγορευσάντων ἐπιβάλλουν καὶ εἰς ἐμὲ νὰ μετάσχω τῆς συζητήσεως. Ἀλλ᾽ ἐγὼ πρέπει νὰ εἴπω ὅτι τὸ νομοσχέδιον εἶνε ἀναγκαῖον.

Ὁ βουλευτὴς ἔπρεπε νὰ ἐκφράσῃ τὰς ἀνάγκας τῶν Ἑλλήνων ἀγροτῶν καὶ νὰ ὑποδείξῃ τὰ μέτρα τὰ ὁποῖα θὰ ἐβοήθουν εἰς τὴν ἀνάπτυξιν τῆς γεωργίας.

Κατόπιν ὁμιλοῦν οἱ κ. κ. Ζωγράφος καὶ ἄλλοι ὑπὲρ τῆς τροπολογίας τοῦ κ. Δηλιγιάννη.

Ἀλλὰ διατί; Μήπως εἶσθε Βουλγαρος, μήπως Ὀθωμανός; Ἔχετε ὑποχρέωσιν ὡς Ἕλλην νὰ μὴ ὑποδεικνύετε τοὺς πόρους διὰ τῆς πραγματοποιήσεως τοῦ Ταμείου Ἀμύνης.

Οἱ πολιτικοὶ ἄνδρες ὀφείλουν προσεγμένοι περὶ τοιούτων ὑψηλῶν θεμάτων ἐλευθερίας καὶ ὄχι ἡ ἰσχύς νὰ δύνηται νὰ ἀφαιρέσῃ τὴν ἀρετὴν καὶ τὴν ἀκεραιότητα τῶν ἀντιπροσώπων τοῦ λαοῦ.

Βεβαίως, εἶνε ἀνάγκη νὰ μὴ καταφύγωμεν εἰς τὸ Πρωτοδικεῖον, φωνάζουν οἱ ἀντιπολιτευόμενοι.

ΜΙΟΥΦΙΔΗΣ. Ἐὰν θέλετε ἐπιθέσεις, τότε νὰ τὰς κατηγορήσωμεν εἰς τὸ Πρωτοδικεῖον, διότι μετὰ τέσσαρα Πρωτοδικεῖα εἰσὶ ἤρθη.

— Εἶνε ἐκτὸς τοῦ Πρωτοδικείου Λεβαδείας.

ΓΕΡΑΚΗΣ. Μάλιστα, τώρα.

ΑΛΕΞΑΚΗΣ. Κάτσε βρὲ τώρα.

ΜΙΟΥΦΙΔΗΣ. Πρέπει νὰ μὴ λεχθῇ παρ᾽ ὑμῶν ἡ ρῆσις ἡ ὁποία νὰ μὴ παρῇ τὴν ὑπομονὴν τῆς Βουλῆς.

ΧΑΤΖΟΠΟΥΛΟΣ λέγει ὅτι θὰ ἐπαναλαμβάνεται ἡ φορολογία τοῦ Ἑλληνικοῦ λαοῦ ἐκ τῶν ἀρτοποιῶν καὶ ὅτι ἡ φορολογία τοῦ σίτου θὰ γίνῃ εἰς βάρος τῆς πτωχῆς τάξεως.

ΑΓΓΕΛΟΠΟΥΛΟΣ. Τὴν δοκιμάζομεν τώρα.

Ἡ ἀπώλεια πέντε λεπτῶν διὰ τὸν ἄρτον εἶνε σημαντικὴ διὰ τὸν πτωχὸν λαόν, ὁ ὁποῖος δὲν ἔχει ἄλλο τι νὰ φάγῃ. Ἐκφράζομεν τὴν εὐχὴν νὰ ἀναθεωρηθῇ ἡ φορολογία.

Ἐν τῷ μεταξὺ πρὸς τὸν κ. Δηλιγιάννην στρέφονται οἱ κυβερνητικοὶ βουλευταὶ καὶ αὐτὸς λέγει ὅτι ἡ τροπολογία του θὰ ἐξασφαλίσῃ τὴν ἄμυναν τῆς χώρας.

Σκέφθητε ἐὰν εἶνε δυνατὸν νὰ ἀνταπεξέλθωμεν, χωρὶς νὰ ἐπιβάλωμεν τοὺς φόρους, καὶ ὅτι τὸ ζήτημα τοῦ Ταμείου Ἀμύνης δὲν ἐπιδέχεται ἀναβολήν.

Ὁ κ. Ἀγγελόπουλος καὶ λέγει δὲν ἐκκαλεῖ διὰ τὰς τοῦ Θεοτόκη.

ΜΟΝΟΚΡΟΥΣΟΣ. Φαίνεται ὅτι εἰς
